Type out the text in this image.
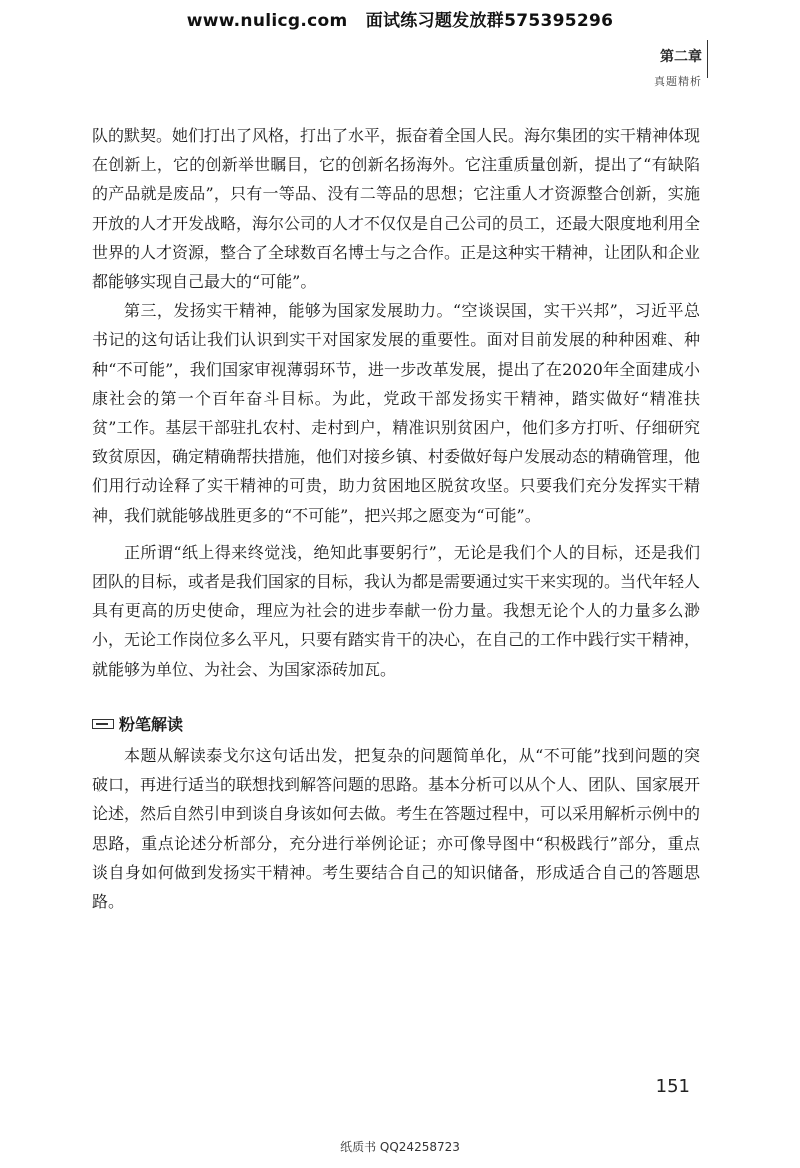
www.nulicg.com 面试练习题发放群575395296
第二章
真题精析

队的默契。她们打出了风格，打出了水平，振奋着全国人民。海尔集团的实干精神体现在创新上，它的创新举世瞩目，它的创新名扬海外。它注重质量创新，提出了“有缺陷的产品就是废品”，只有一等品、没有二等品的思想；它注重人才资源整合创新，实施开放的人才开发战略，海尔公司的人才不仅仅是自己公司的员工，还最大限度地利用全世界的人才资源，整合了全球数百名博士与之合作。正是这种实干精神，让团队和企业都能够实现自己最大的“可能”。

第三，发扬实干精神，能够为国家发展助力。“空谈误国，实干兴邦”，习近平总书记的这句话让我们认识到实干对国家发展的重要性。面对目前发展的种种困难、种种“不可能”，我们国家审视薄弱环节，进一步改革发展，提出了在2020年全面建成小康社会的第一个百年奋斗目标。为此，党政干部发扬实干精神，踏实做好“精准扶贫”工作。基层干部驻扎农村、走村到户，精准识别贫困户，他们多方打听、仔细研究致贫原因，确定精确帮扶措施，他们对接乡镇、村委做好每户发展动态的精确管理，他们用行动诠释了实干精神的可贵，助力贫困地区脱贫攻坚。只要我们充分发挥实干精神，我们就能够战胜更多的“不可能”，把兴邦之愿变为“可能”。

正所谓“纸上得来终觉浅，绝知此事要躬行”，无论是我们个人的目标，还是我们团队的目标，或者是我们国家的目标，我认为都是需要通过实干来实现的。当代年轻人具有更高的历史使命，理应为社会的进步奉献一份力量。我想无论个人的力量多么渺小，无论工作岗位多么平凡，只要有踏实肯干的决心，在自己的工作中践行实干精神，就能够为单位、为社会、为国家添砖加瓦。

粉笔解读

本题从解读泰戈尔这句话出发，把复杂的问题简单化，从“不可能”找到问题的突破口，再进行适当的联想找到解答问题的思路。基本分析可以从个人、团队、国家展开论述，然后自然引申到谈自身该如何去做。考生在答题过程中，可以采用解析示例中的思路，重点论述分析部分，充分进行举例论证；亦可像导图中“积极践行”部分，重点谈自身如何做到发扬实干精神。考生要结合自己的知识储备，形成适合自己的答题思路。

151
纸质书 QQ24258723
